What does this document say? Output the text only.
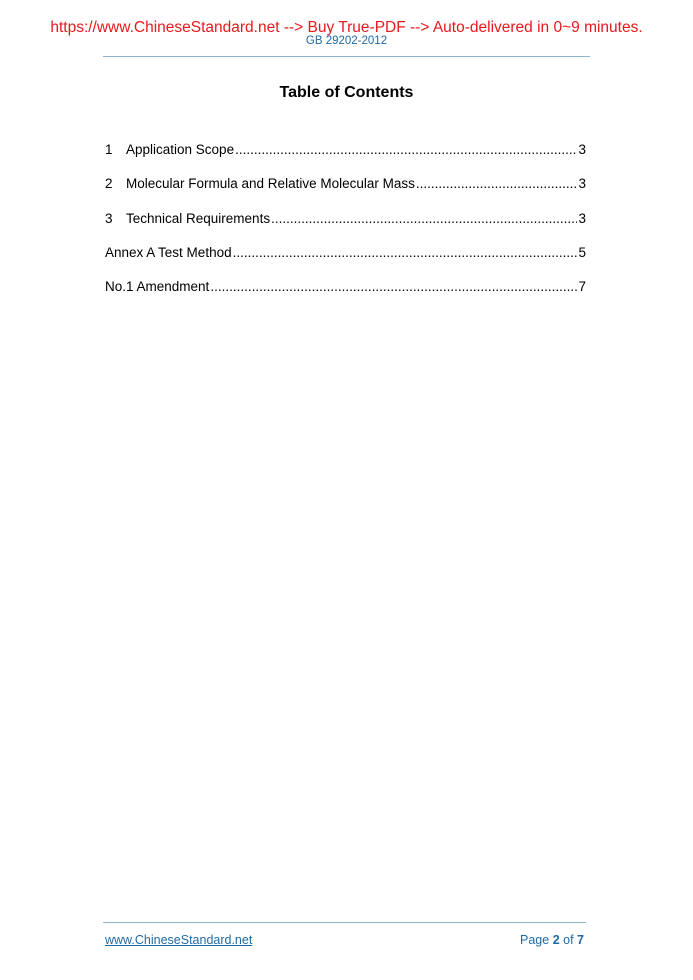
https://www.ChineseStandard.net --> Buy True-PDF --> Auto-delivered in 0~9 minutes.
GB 29202-2012
Table of Contents
1 Application Scope .....	3
2 Molecular Formula and Relative Molecular Mass .....	3
3 Technical Requirements .....	3
Annex A Test Method .....	5
No.1 Amendment .....	7
www.ChineseStandard.net	Page 2 of 7
